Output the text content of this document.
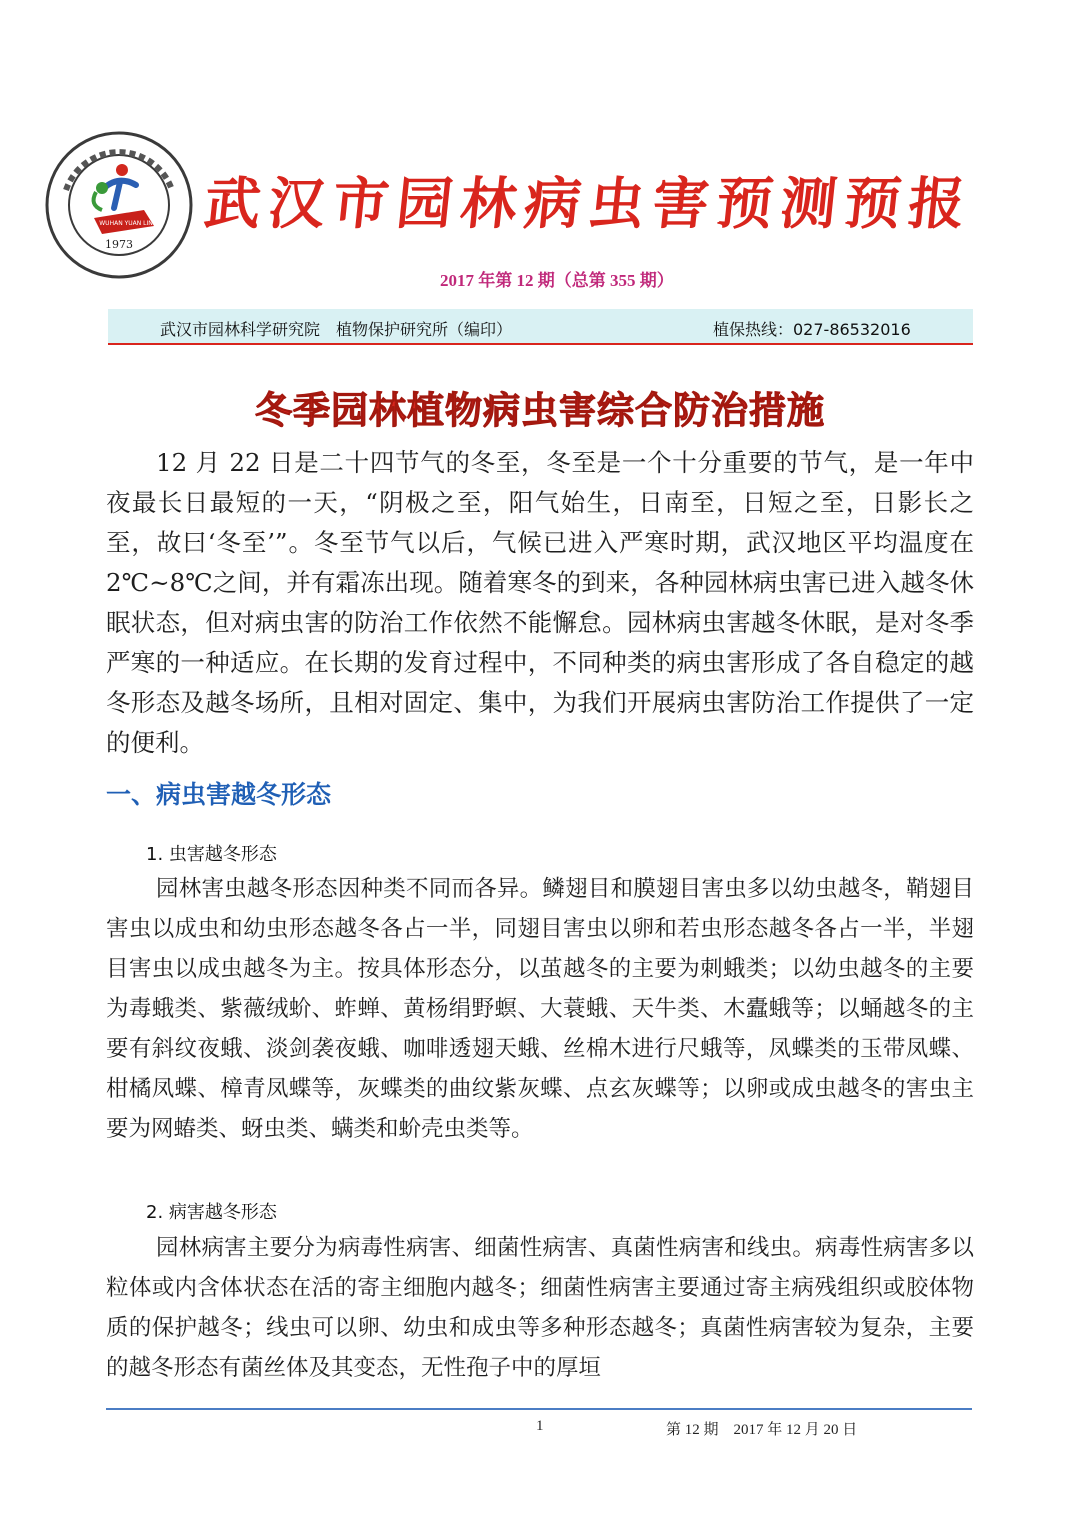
WUHAN YUAN LIN
1973
武汉市园林病虫害预测预报
2017 年第 12 期（总第 355 期）
武汉市园林科学研究院　植物保护研究所（编印）	植保热线：027-86532016
冬季园林植物病虫害综合防治措施

12 月 22 日是二十四节气的冬至，冬至是一个十分重要的节气，是一年中夜最长日最短的一天，“阴极之至，阳气始生，日南至，日短之至，日影长之至，故曰‘冬至’”。冬至节气以后，气候已进入严寒时期，武汉地区平均温度在 2℃~8℃之间，并有霜冻出现。随着寒冬的到来，各种园林病虫害已进入越冬休眠状态，但对病虫害的防治工作依然不能懈怠。园林病虫害越冬休眠，是对冬季严寒的一种适应。在长期的发育过程中，不同种类的病虫害形成了各自稳定的越冬形态及越冬场所，且相对固定、集中，为我们开展病虫害防治工作提供了一定的便利。

一、病虫害越冬形态
1. 虫害越冬形态

园林害虫越冬形态因种类不同而各异。鳞翅目和膜翅目害虫多以幼虫越冬，鞘翅目害虫以成虫和幼虫形态越冬各占一半，同翅目害虫以卵和若虫形态越冬各占一半，半翅目害虫以成虫越冬为主。按具体形态分，以茧越冬的主要为刺蛾类；以幼虫越冬的主要为毒蛾类、紫薇绒蚧、蚱蝉、黄杨绢野螟、大蓑蛾、天牛类、木蠹蛾等；以蛹越冬的主要有斜纹夜蛾、淡剑袭夜蛾、咖啡透翅天蛾、丝棉木进行尺蛾等，凤蝶类的玉带凤蝶、柑橘凤蝶、樟青凤蝶等，灰蝶类的曲纹紫灰蝶、点玄灰蝶等；以卵或成虫越冬的害虫主要为网蝽类、蚜虫类、螨类和蚧壳虫类等。

2. 病害越冬形态

园林病害主要分为病毒性病害、细菌性病害、真菌性病害和线虫。病毒性病害多以粒体或内含体状态在活的寄主细胞内越冬；细菌性病害主要通过寄主病残组织或胶体物质的保护越冬；线虫可以卵、幼虫和成虫等多种形态越冬；真菌性病害较为复杂，主要的越冬形态有菌丝体及其变态，无性孢子中的厚垣

1	第 12 期　2017 年 12 月 20 日
